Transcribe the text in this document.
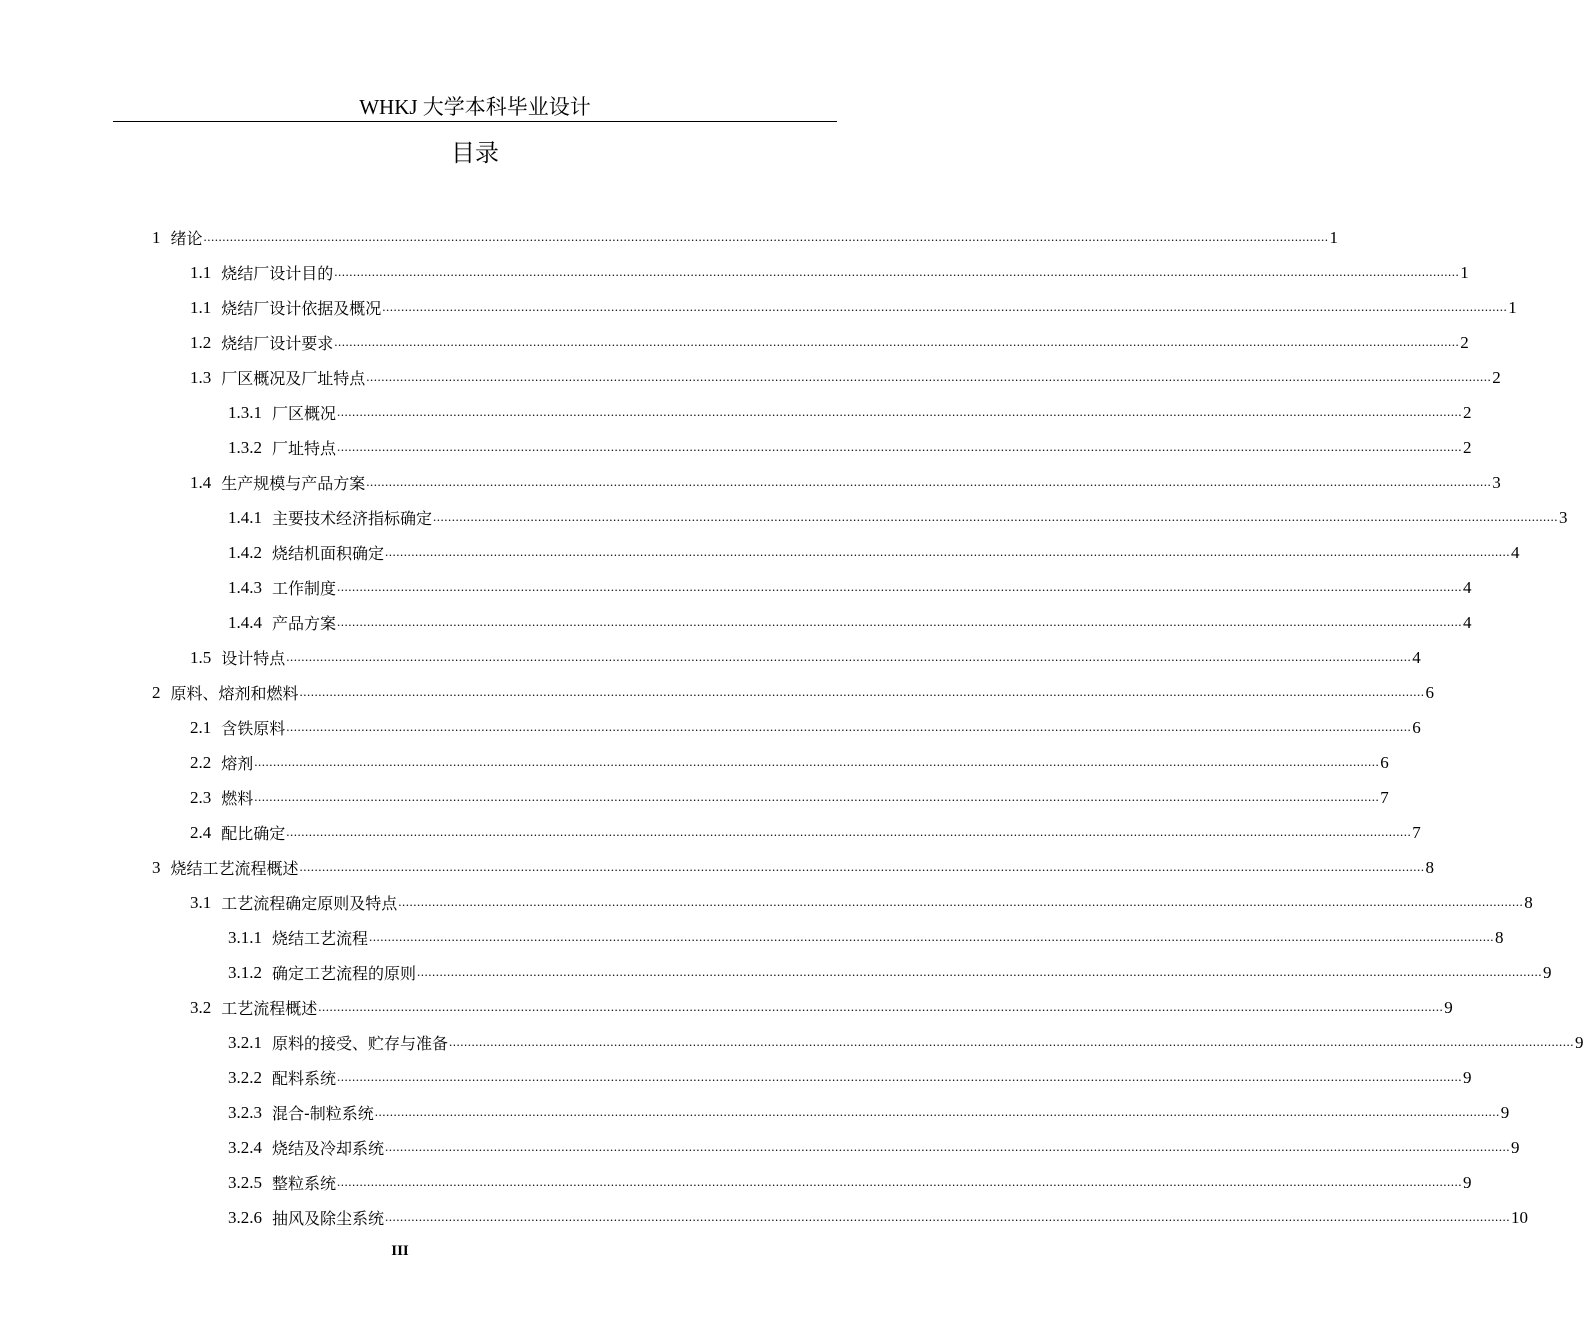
WHKJ 大学本科毕业设计
目录
1 绪论 ............................................................................................................................................................................................................................................................................................................ 1
1.1 烧结厂设计目的 ............................................................................................................................................................................................................................................................................................................ 1
1.1 烧结厂设计依据及概况 ............................................................................................................................................................................................................................................................................................................ 1
1.2 烧结厂设计要求 ............................................................................................................................................................................................................................................................................................................ 2
1.3 厂区概况及厂址特点 ............................................................................................................................................................................................................................................................................................................ 2
1.3.1 厂区概况 ............................................................................................................................................................................................................................................................................................................ 2
1.3.2 厂址特点 ............................................................................................................................................................................................................................................................................................................ 2
1.4 生产规模与产品方案 ............................................................................................................................................................................................................................................................................................................ 3
1.4.1 主要技术经济指标确定 ............................................................................................................................................................................................................................................................................................................ 3
1.4.2 烧结机面积确定 ............................................................................................................................................................................................................................................................................................................ 4
1.4.3 工作制度 ............................................................................................................................................................................................................................................................................................................ 4
1.4.4 产品方案 ............................................................................................................................................................................................................................................................................................................ 4
1.5 设计特点 ............................................................................................................................................................................................................................................................................................................ 4
2 原料、熔剂和燃料 ............................................................................................................................................................................................................................................................................................................ 6
2.1 含铁原料 ............................................................................................................................................................................................................................................................................................................ 6
2.2 熔剂 ............................................................................................................................................................................................................................................................................................................ 6
2.3 燃料 ............................................................................................................................................................................................................................................................................................................ 7
2.4 配比确定 ............................................................................................................................................................................................................................................................................................................ 7
3 烧结工艺流程概述 ............................................................................................................................................................................................................................................................................................................ 8
3.1 工艺流程确定原则及特点 ............................................................................................................................................................................................................................................................................................................ 8
3.1.1 烧结工艺流程 ............................................................................................................................................................................................................................................................................................................ 8
3.1.2 确定工艺流程的原则 ............................................................................................................................................................................................................................................................................................................ 9
3.2 工艺流程概述 ............................................................................................................................................................................................................................................................................................................ 9
3.2.1 原料的接受、贮存与准备 ............................................................................................................................................................................................................................................................................................................ 9
3.2.2 配料系统 ............................................................................................................................................................................................................................................................................................................ 9
3.2.3 混合-制粒系统 ............................................................................................................................................................................................................................................................................................................ 9
3.2.4 烧结及冷却系统 ............................................................................................................................................................................................................................................................................................................ 9
3.2.5 整粒系统 ............................................................................................................................................................................................................................................................................................................ 9
3.2.6 抽风及除尘系统 ............................................................................................................................................................................................................................................................................................................ 10
III
